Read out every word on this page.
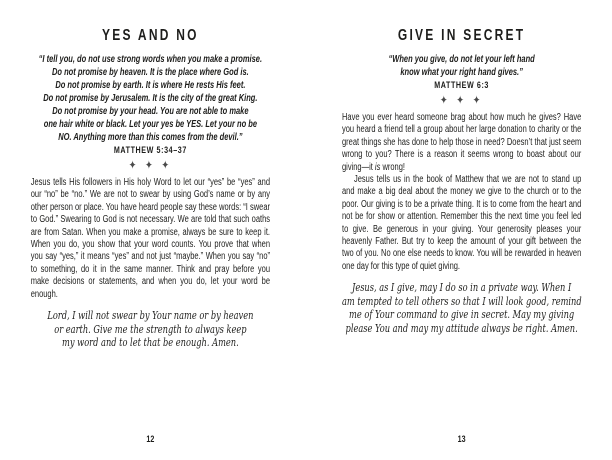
YES AND NO
“I tell you, do not use strong words when you make a promise.
Do not promise by heaven. It is the place where God is.
Do not promise by earth. It is where He rests His feet.
Do not promise by Jerusalem. It is the city of the great King.
Do not promise by your head. You are not able to make
one hair white or black. Let your yes be YES. Let your no be
NO. Anything more than this comes from the devil.”
MATTHEW 5:34–37
✦ ✦ ✦

Jesus tells His followers in His holy Word to let our “yes” be “yes” and our “no” be “no.” We are not to swear by using God’s name or by any other person or place. You have heard people say these words: “I swear to God.” Swearing to God is not necessary. We are told that such oaths are from Satan. When you make a promise, always be sure to keep it. When you do, you show that your word counts. You prove that when you say “yes,” it means “yes” and not just “maybe.” When you say “no” to something, do it in the same manner. Think and pray before you make decisions or statements, and when you do, let your word be enough.

Lord, I will not swear by Your name or by heaven
or earth. Give me the strength to always keep
my word and to let that be enough. Amen.
12
GIVE IN SECRET
“When you give, do not let your left hand
know what your right hand gives.”
MATTHEW 6:3
✦ ✦ ✦

Have you ever heard someone brag about how much he gives? Have you heard a friend tell a group about her large donation to charity or the great things she has done to help those in need? Doesn’t that just seem wrong to you? There is a reason it seems wrong to boast about our giving—it is wrong!

Jesus tells us in the book of Matthew that we are not to stand up and make a big deal about the money we give to the church or to the poor. Our giving is to be a private thing. It is to come from the heart and not be for show or attention. Remember this the next time you feel led to give. Be generous in your giving. Your generosity pleases your heavenly Father. But try to keep the amount of your gift between the two of you. No one else needs to know. You will be rewarded in heaven one day for this type of quiet giving.

Jesus, as I give, may I do so in a private way. When I
am tempted to tell others so that I will look good, remind
me of Your command to give in secret. May my giving
please You and may my attitude always be right. Amen.
13
